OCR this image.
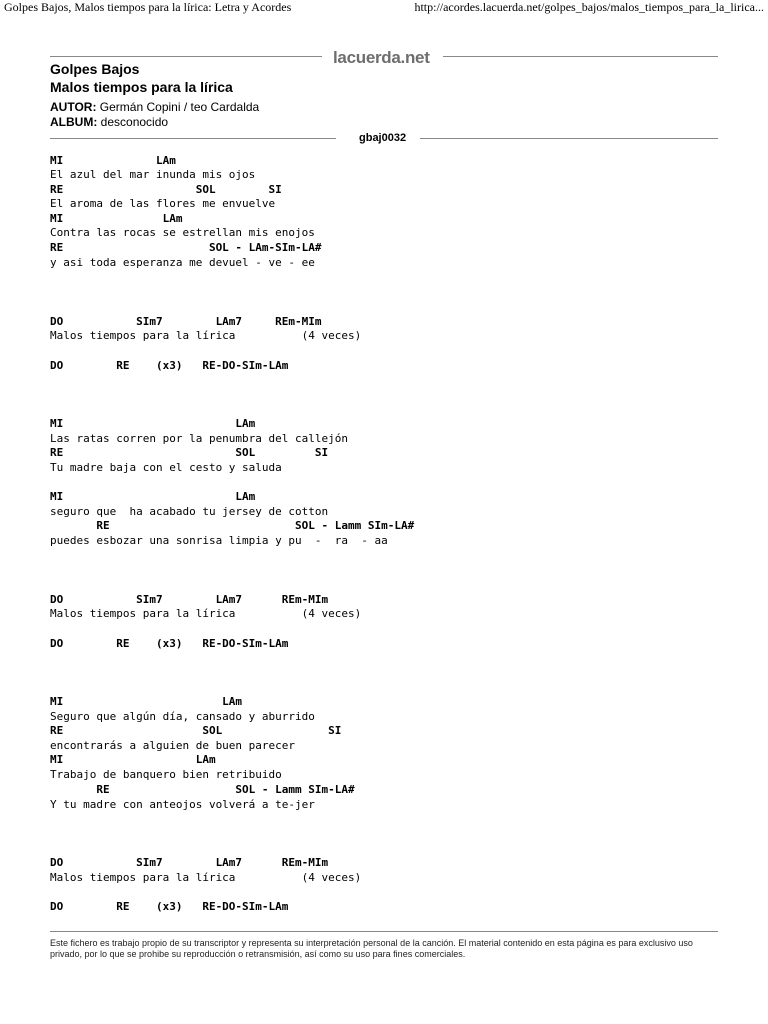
Golpes Bajos, Malos tiempos para la lírica: Letra y Acordes	http://acordes.lacuerda.net/golpes_bajos/malos_tiempos_para_la_lirica...
lacuerda.net
Golpes Bajos
Malos tiempos para la lírica
AUTOR: Germán Copini / teo Cardalda
ALBUM: desconocido
gbaj0032
MI              LAm
El azul del mar inunda mis ojos
RE                    SOL        SI
El aroma de las flores me envuelve
MI               LAm
Contra las rocas se estrellan mis enojos
RE                      SOL - LAm-SIm-LA#
y asi toda esperanza me devuel - ve - ee
DO           SIm7        LAm7     REm-MIm
Malos tiempos para la lírica          (4 veces)
DO        RE    (x3)   RE-DO-SIm-LAm
MI                          LAm
Las ratas corren por la penumbra del callejón
RE                          SOL         SI
Tu madre baja con el cesto y saluda
MI                          LAm
seguro que  ha acabado tu jersey de cotton
RE                            SOL - Lamm SIm-LA#
puedes esbozar una sonrisa limpia y pu  -  ra  - aa
DO           SIm7        LAm7      REm-MIm
Malos tiempos para la lírica          (4 veces)
DO        RE    (x3)   RE-DO-SIm-LAm
MI                        LAm
Seguro que algún día, cansado y aburrido
RE                     SOL                SI
encontrarás a alguien de buen parecer
MI                    LAm
Trabajo de banquero bien retribuido
RE                   SOL - Lamm SIm-LA#
Y tu madre con anteojos volverá a te-jer
DO           SIm7        LAm7      REm-MIm
Malos tiempos para la lírica          (4 veces)
DO        RE    (x3)   RE-DO-SIm-LAm
Este fichero es trabajo propio de su transcriptor y representa su interpretación personal de la canción. El material contenido en esta página es para exclusivo uso privado, por lo que se prohibe su reproducción o retransmisión, así como su uso para fines comerciales.
